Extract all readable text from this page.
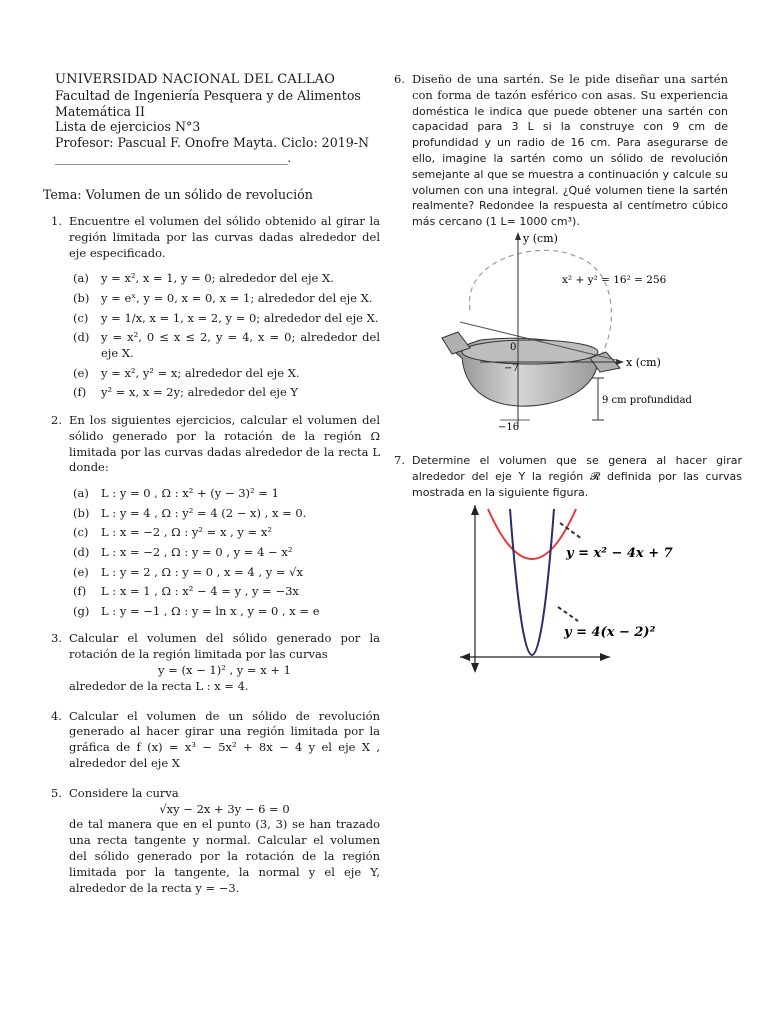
UNIVERSIDAD NACIONAL DEL CALLAO
Facultad de Ingeniería Pesquera y de Alimentos
Matemática II
Lista de ejercicios N°3
Profesor: Pascual F. Onofre Mayta. Ciclo: 2019-N
___________________________________________.
Tema: Volumen de un sólido de revolución
1. Encuentre el volumen del sólido obtenido al girar la región limitada por las curvas dadas alrededor del eje especificado.

(a) y = x², x = 1, y = 0; alrededor del eje X.
(b) y = eˣ, y = 0, x = 0, x = 1; alrededor del eje X.
(c) y = 1/x, x = 1, x = 2, y = 0; alrededor del eje X.
(d) y = x², 0 ≤ x ≤ 2, y = 4, x = 0; alrededor del eje X.
(e) y = x², y² = x; alrededor del eje X.
(f) y² = x, x = 2y; alrededor del eje Y
2. En los siguientes ejercicios, calcular el volumen del sólido generado por la rotación de la región Ω limitada por las curvas dadas alrededor de la recta L donde:

(a) L : y = 0 , Ω : x² + (y − 3)² = 1
(b) L : y = 4 , Ω : y² = 4 (2 − x) , x = 0.
(c) L : x = −2 , Ω : y² = x , y = x²
(d) L : x = −2 , Ω : y = 0 , y = 4 − x²
(e) L : y = 2 , Ω : y = 0 , x = 4 , y = √x
(f) L : x = 1 , Ω : x² − 4 = y , y = −3x
(g) L : y = −1 , Ω : y = ln x , y = 0 , x = e
3. Calcular el volumen del sólido generado por la rotación de la región limitada por las curvas

y = (x − 1)² , y = x + 1

alrededor de la recta L : x = 4.

4. Calcular el volumen de un sólido de revolución generado al hacer girar una región limitada por la gráfica de f (x) = x³ − 5x² + 8x − 4 y el eje X , alrededor del eje X

5. Considere la curva

√xy − 2x + 3y − 6 = 0

de tal manera que en el punto (3, 3) se han trazado una recta tangente y normal. Calcular el volumen del sólido generado por la rotación de la región limitada por la tangente, la normal y el eje Y, alrededor de la recta y = −3.

6. Diseño de una sartén. Se le pide diseñar una sartén con forma de tazón esférico con asas. Su experiencia doméstica le indica que puede obtener una sartén con capacidad para 3 L si la construye con 9 cm de profundidad y un radio de 16 cm. Para asegurarse de ello, imagine la sartén como un sólido de revolución semejante al que se muestra a continuación y calcule su volumen con una integral. ¿Qué volumen tiene la sartén realmente? Redondee la respuesta al centímetro cúbico más cercano (1 L= 1000 cm³).

y (cm)
x (cm)
x² + y² = 16² = 256
0
−7
−16
9 cm profundidad
7. Determine el volumen que se genera al hacer girar alrededor del eje Y la región 𝓡 definida por las curvas mostrada en la siguiente figura.

y = x² − 4x + 7
y = 4(x − 2)²
